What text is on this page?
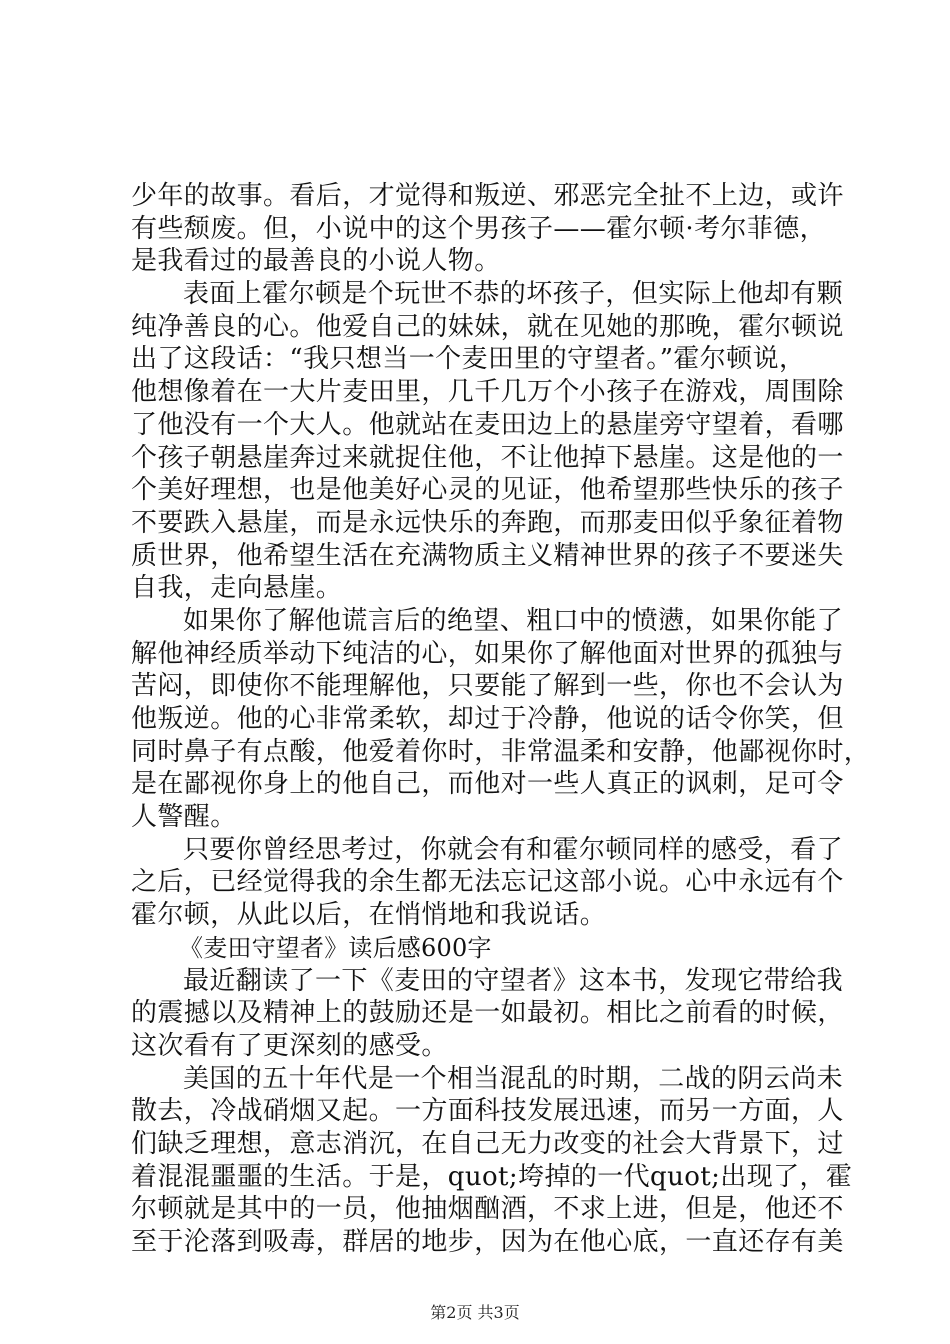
少年的故事。看后，才觉得和叛逆、邪恶完全扯不上边，或许
有些颓废。但，小说中的这个男孩子——霍尔顿·考尔菲德，
是我看过的最善良的小说人物。
表面上霍尔顿是个玩世不恭的坏孩子，但实际上他却有颗
纯净善良的心。他爱自己的妹妹，就在见她的那晚，霍尔顿说
出了这段话：“我只想当一个麦田里的守望者。”霍尔顿说，
他想像着在一大片麦田里，几千几万个小孩子在游戏，周围除
了他没有一个大人。他就站在麦田边上的悬崖旁守望着，看哪
个孩子朝悬崖奔过来就捉住他，不让他掉下悬崖。这是他的一
个美好理想，也是他美好心灵的见证，他希望那些快乐的孩子
不要跌入悬崖，而是永远快乐的奔跑，而那麦田似乎象征着物
质世界，他希望生活在充满物质主义精神世界的孩子不要迷失
自我，走向悬崖。
如果你了解他谎言后的绝望、粗口中的愤懑，如果你能了
解他神经质举动下纯洁的心，如果你了解他面对世界的孤独与
苦闷，即使你不能理解他，只要能了解到一些，你也不会认为
他叛逆。他的心非常柔软，却过于冷静，他说的话令你笑，但
同时鼻子有点酸，他爱着你时，非常温柔和安静，他鄙视你时，
是在鄙视你身上的他自己，而他对一些人真正的讽刺，足可令
人警醒。
只要你曾经思考过，你就会有和霍尔顿同样的感受，看了
之后，已经觉得我的余生都无法忘记这部小说。心中永远有个
霍尔顿，从此以后，在悄悄地和我说话。
《麦田守望者》读后感600字
最近翻读了一下《麦田的守望者》这本书，发现它带给我
的震撼以及精神上的鼓励还是一如最初。相比之前看的时候，
这次看有了更深刻的感受。
美国的五十年代是一个相当混乱的时期，二战的阴云尚未
散去，冷战硝烟又起。一方面科技发展迅速，而另一方面，人
们缺乏理想，意志消沉，在自己无力改变的社会大背景下，过
着混混噩噩的生活。于是，quot;垮掉的一代quot;出现了，霍
尔顿就是其中的一员，他抽烟酗酒，不求上进，但是，他还不
至于沦落到吸毒，群居的地步，因为在他心底，一直还存有美
第2页 共3页
